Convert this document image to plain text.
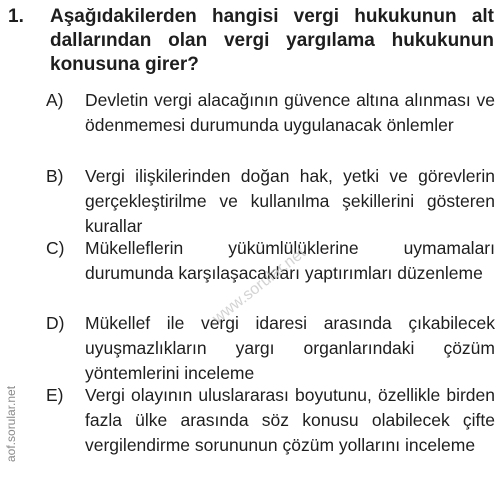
1. Aşağıdakilerden hangisi vergi hukukunun alt dallarından olan vergi yargılama hukukunun konusuna girer?
A) Devletin vergi alacağının güvence altına alınması ve ödenmemesi durumunda uygulanacak önlemler
B) Vergi ilişkilerinden doğan hak, yetki ve görevlerin gerçekleştirilme ve kullanılma şekillerini gösteren kurallar
C) Mükelleflerin yükümlülüklerine uymamaları durumunda karşılaşacakları yaptırımları düzenleme
D) Mükellef ile vergi idaresi arasında çıkabilecek uyuşmazlıkların yargı organlarındaki çözüm yöntemlerini inceleme
E) Vergi olayının uluslararası boyutunu, özellikle birden fazla ülke arasında söz konusu olabilecek çifte vergilendirme sorununun çözüm yollarını inceleme
aof.sorular.net
www.sorular.net
